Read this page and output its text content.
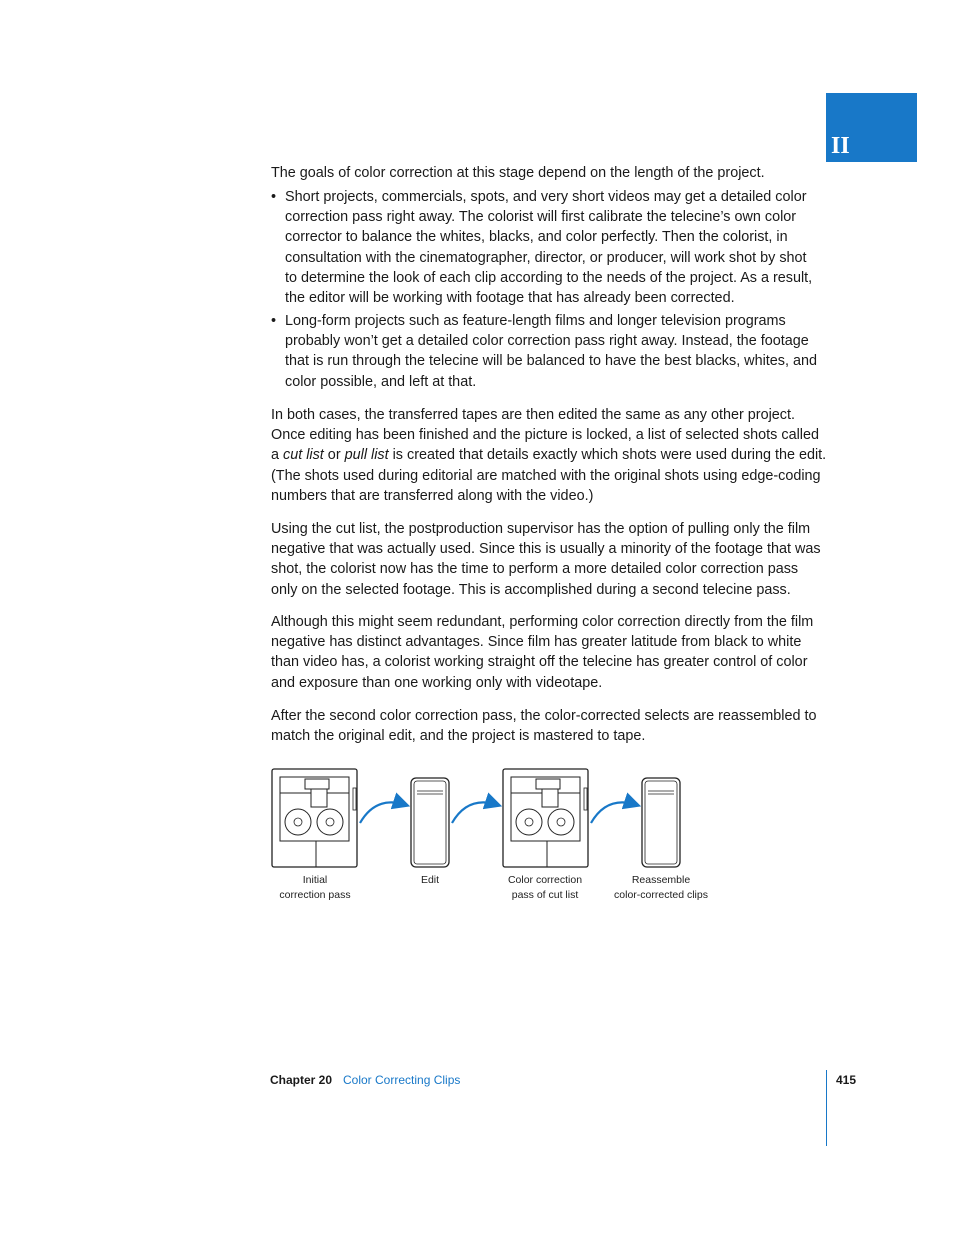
II

The goals of color correction at this stage depend on the length of the project.

• Short projects, commercials, spots, and very short videos may get a detailed color correction pass right away. The colorist will first calibrate the telecine’s own color corrector to balance the whites, blacks, and color perfectly. Then the colorist, in consultation with the cinematographer, director, or producer, will work shot by shot to determine the look of each clip according to the needs of the project. As a result, the editor will be working with footage that has already been corrected.
• Long-form projects such as feature-length films and longer television programs probably won’t get a detailed color correction pass right away. Instead, the footage that is run through the telecine will be balanced to have the best blacks, whites, and color possible, and left at that.

In both cases, the transferred tapes are then edited the same as any other project. Once editing has been finished and the picture is locked, a list of selected shots called a cut list or pull list is created that details exactly which shots were used during the edit. (The shots used during editorial are matched with the original shots using edge-coding numbers that are transferred along with the video.)

Using the cut list, the postproduction supervisor has the option of pulling only the film negative that was actually used. Since this is usually a minority of the footage that was shot, the colorist now has the time to perform a more detailed color correction pass only on the selected footage. This is accomplished during a second telecine pass.

Although this might seem redundant, performing color correction directly from the film negative has distinct advantages. Since film has greater latitude from black to white than video has, a colorist working straight off the telecine has greater control of color and exposure than one working only with videotape.

After the second color correction pass, the color-corrected selects are reassembled to match the original edit, and the project is mastered to tape.

Initial
correction pass
Edit	Color correction
pass of cut list
Reassemble
color-corrected clips
Chapter 20 Color Correcting Clips	415
